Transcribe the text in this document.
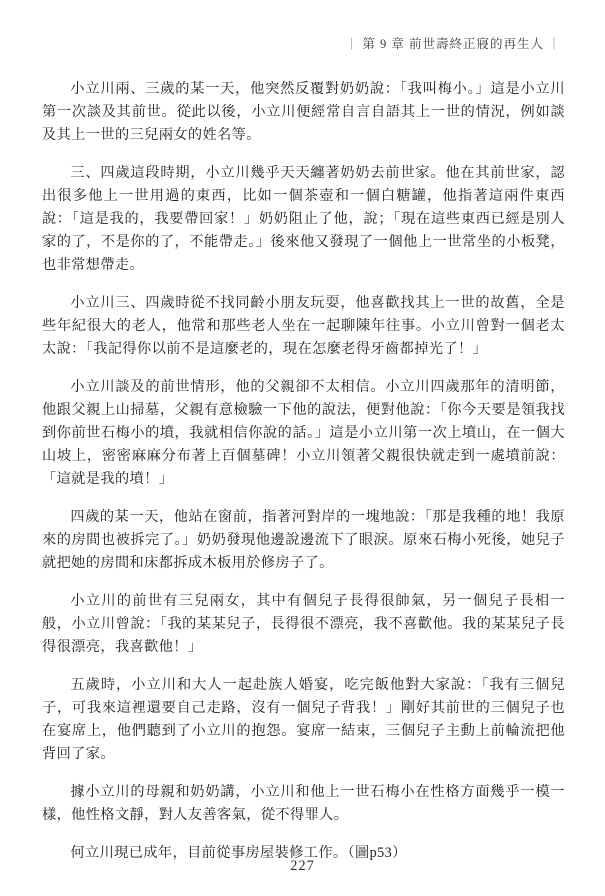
｜ 第 9 章 前世壽終正寢的再生人 ｜

小立川兩、三歲的某一天，他突然反覆對奶奶說：「我叫梅小。」這是小立川第一次談及其前世。從此以後，小立川便經常自言自語其上一世的情況，例如談及其上一世的三兒兩女的姓名等。

三、四歲這段時期，小立川幾乎天天纏著奶奶去前世家。他在其前世家，認出很多他上一世用過的東西，比如一個茶壺和一個白糖罐，他指著這兩件東西說：「這是我的，我要帶回家！」奶奶阻止了他，說；「現在這些東西已經是別人家的了，不是你的了，不能帶走。」後來他又發現了一個他上一世常坐的小板凳，也非常想帶走。

小立川三、四歲時從不找同齡小朋友玩耍，他喜歡找其上一世的故舊，全是些年紀很大的老人，他常和那些老人坐在一起聊陳年往事。小立川曾對一個老太太說：「我記得你以前不是這麼老的，現在怎麼老得牙齒都掉光了！」

小立川談及的前世情形，他的父親卻不太相信。小立川四歲那年的清明節，他跟父親上山掃墓，父親有意檢驗一下他的說法，便對他說：「你今天要是領我找到你前世石梅小的墳，我就相信你說的話。」這是小立川第一次上墳山，在一個大山坡上，密密麻麻分布著上百個墓碑！小立川領著父親很快就走到一處墳前說：「這就是我的墳！」

四歲的某一天，他站在窗前，指著河對岸的一塊地說：「那是我種的地！我原來的房間也被拆完了。」奶奶發現他邊說邊流下了眼淚。原來石梅小死後，她兒子就把她的房間和床都拆成木板用於修房子了。

小立川的前世有三兒兩女，其中有個兒子長得很帥氣，另一個兒子長相一般，小立川曾說：「我的某某兒子，長得很不漂亮，我不喜歡他。我的某某兒子長得很漂亮，我喜歡他！」

五歲時，小立川和大人一起赴族人婚宴，吃完飯他對大家說：「我有三個兒子，可我來這裡還要自己走路，沒有一個兒子背我！」剛好其前世的三個兒子也在宴席上，他們聽到了小立川的抱怨。宴席一結束，三個兒子主動上前輪流把他背回了家。

據小立川的母親和奶奶講，小立川和他上一世石梅小在性格方面幾乎一模一樣，他性格文靜，對人友善客氣，從不得罪人。

何立川現已成年，目前從事房屋裝修工作。（圖p53）

227
